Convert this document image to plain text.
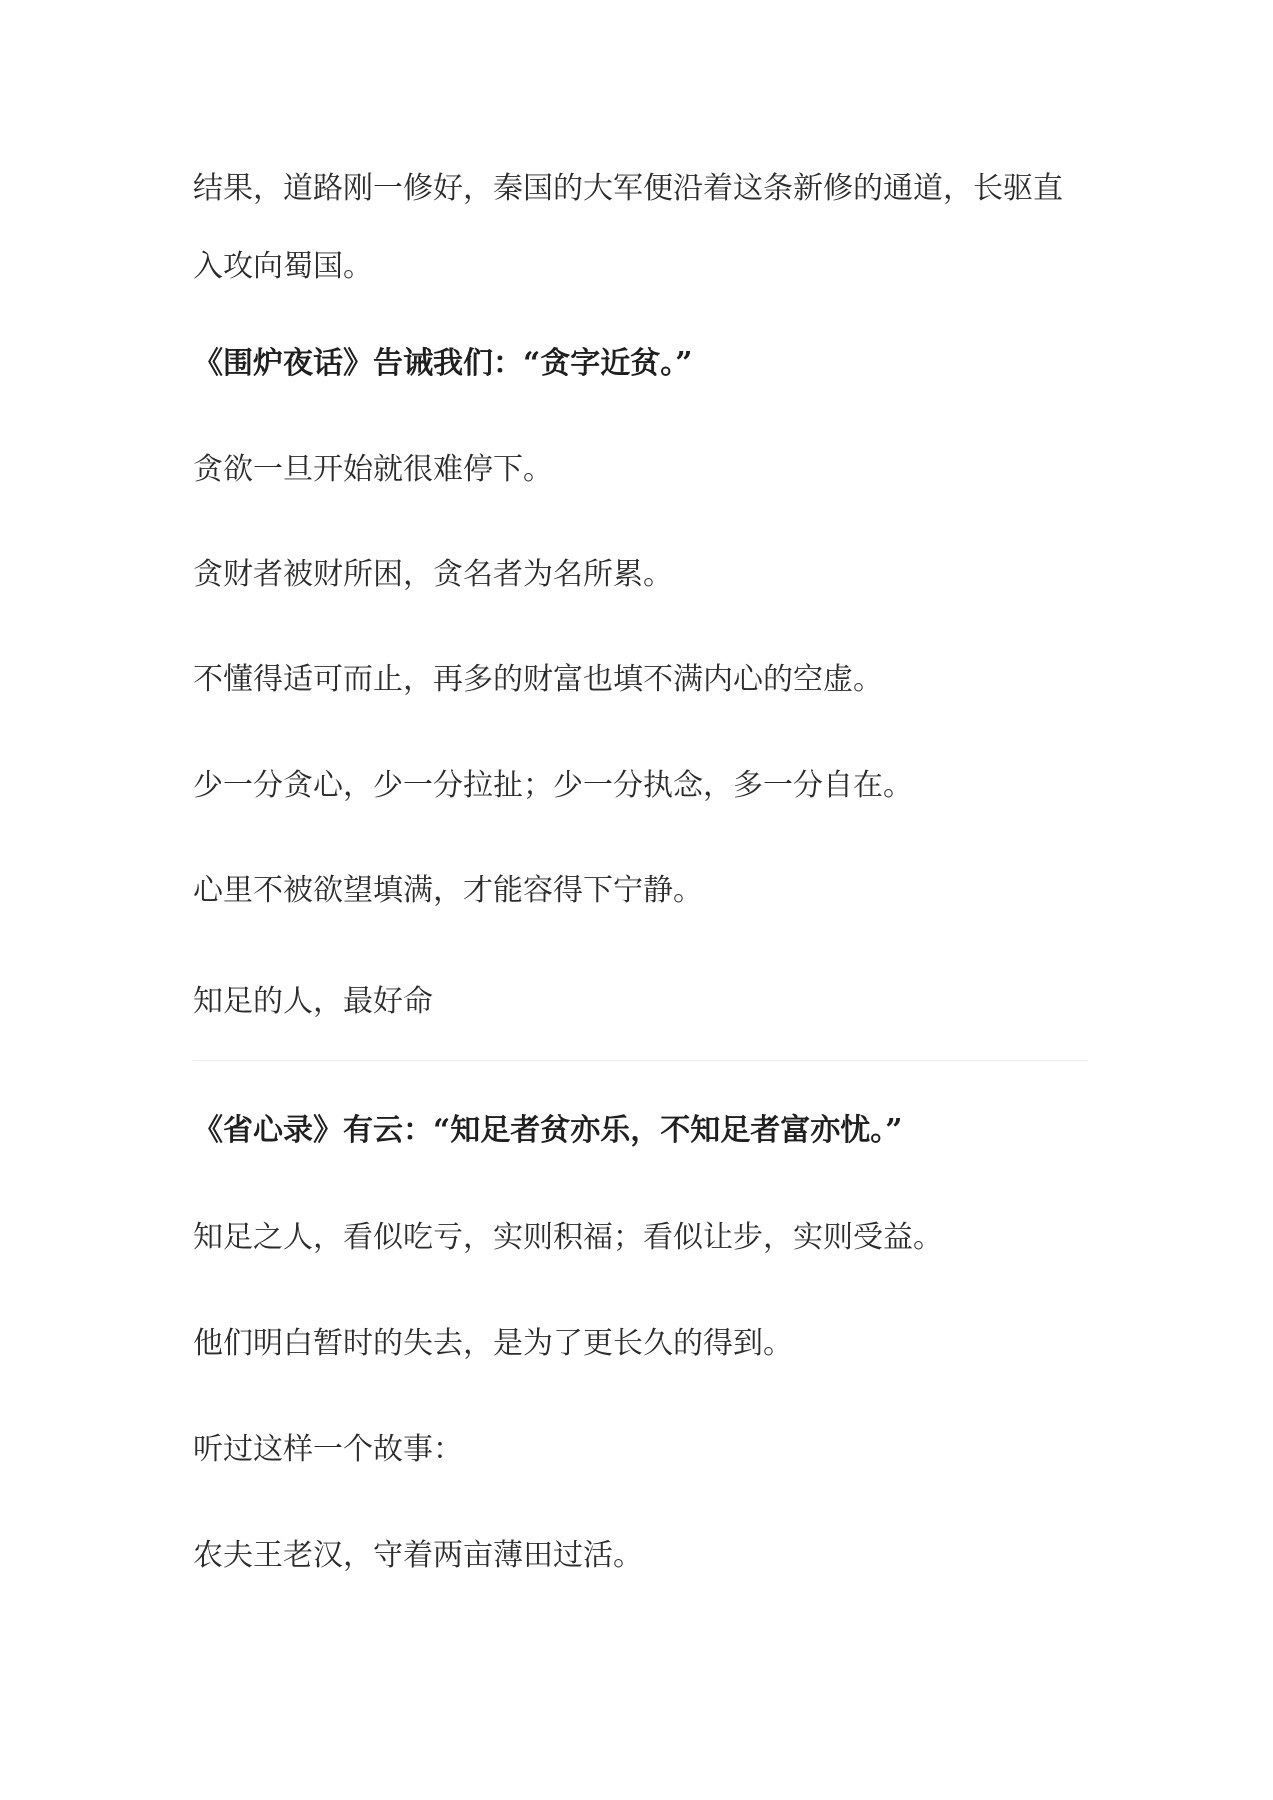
结果，道路刚一修好，秦国的大军便沿着这条新修的通道，长驱直入攻向蜀国。

《围炉夜话》告诫我们：“贪字近贫。”

贪欲一旦开始就很难停下。

贪财者被财所困，贪名者为名所累。

不懂得适可而止，再多的财富也填不满内心的空虚。

少一分贪心，少一分拉扯；少一分执念，多一分自在。

心里不被欲望填满，才能容得下宁静。

知足的人，最好命

《省心录》有云：“知足者贫亦乐，不知足者富亦忧。”

知足之人，看似吃亏，实则积福；看似让步，实则受益。

他们明白暂时的失去，是为了更长久的得到。

听过这样一个故事：

农夫王老汉，守着两亩薄田过活。
